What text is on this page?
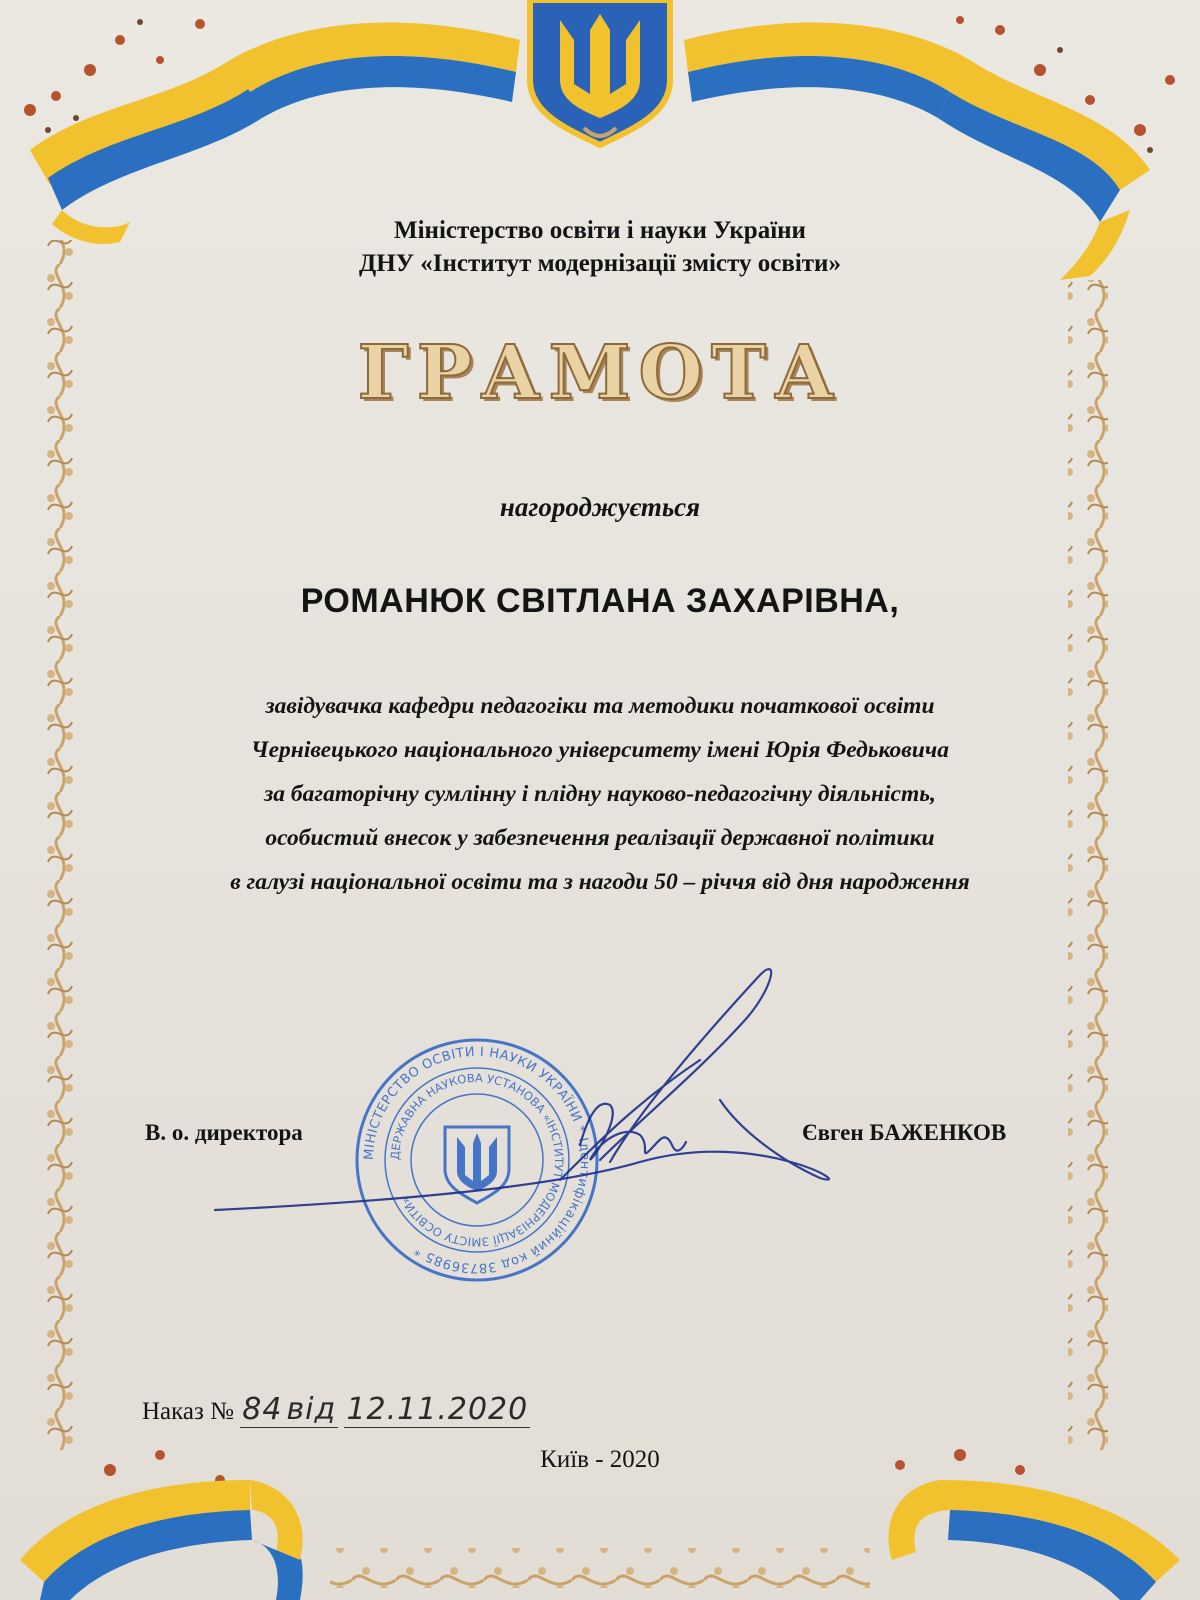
Міністерство освіти і науки України
ДНУ «Інститут модернізації змісту освіти»
ГРАМОТА
нагороджується
РОМАНЮК СВІТЛАНА ЗАХАРІВНА,
завідувачка кафедри педагогіки та методики початкової освіти
Чернівецького національного університету імені Юрія Федьковича
за багаторічну сумлінну і плідну науково-педагогічну діяльність,
особистий внесок у забезпечення реалізації державної політики
в галузі національної освіти та з нагоди 50 – річчя від дня народження
В. о. директора	Євген БАЖЕНКОВ
МІНІСТЕРСТВО ОСВІТИ І НАУКИ УКРАЇНИ * Ідентифікаційний код 38736985 *
ДЕРЖАВНА НАУКОВА УСТАНОВА «ІНСТИТУТ МОДЕРНІЗАЦІЇ ЗМІСТУ ОСВІТИ»
Наказ № 84 від 12.11.2020
Київ - 2020
